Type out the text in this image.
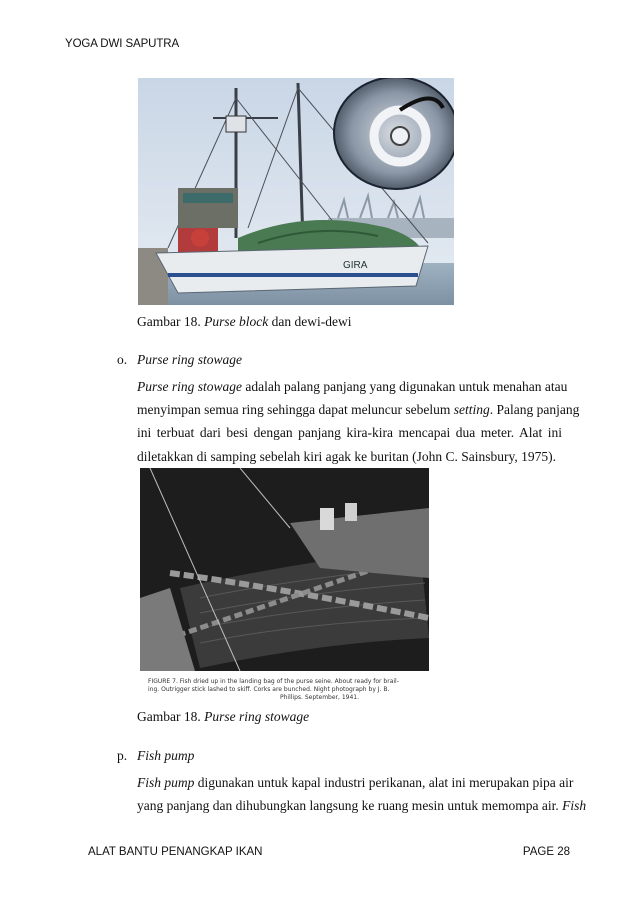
YOGA DWI SAPUTRA
GIRA
Gambar 18. Purse block dan dewi-dewi
o. Purse ring stowage
Purse ring stowage adalah palang panjang yang digunakan untuk menahan atau
menyimpan semua ring sehingga dapat meluncur sebelum setting. Palang panjang
ini terbuat dari besi dengan panjang kira-kira mencapai dua meter. Alat ini
diletakkan di samping sebelah kiri agak ke buritan (John C. Sainsbury, 1975).
FIGURE 7. Fish dried up in the landing bag of the purse seine. About ready for brail-
ing. Outrigger stick lashed to skiff. Corks are bunched. Night photograph by J. B.
Phillips. September, 1941.
Gambar 18. Purse ring stowage
p. Fish pump
Fish pump digunakan untuk kapal industri perikanan, alat ini merupakan pipa air
yang panjang dan dihubungkan langsung ke ruang mesin untuk memompa air. Fish
ALAT BANTU PENANGKAP IKAN	PAGE 28
